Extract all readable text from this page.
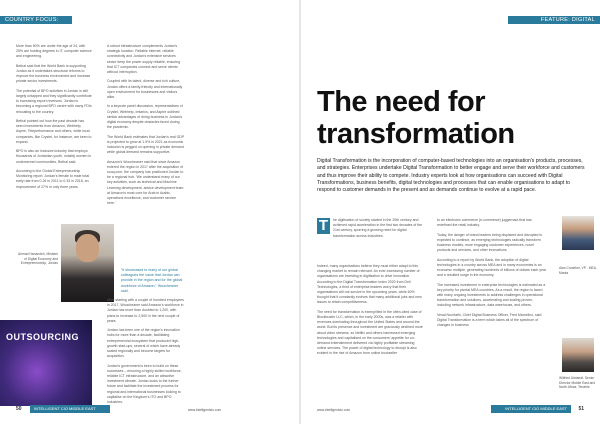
COUNTRY FOCUS: JORDAN

More than 50% are under the age of 24, with 25% are holding degrees in IT, computer science and engineering.

Bethal said that the World Bank is supporting Jordan as it undertakes structural reforms to improve the business environment and increase private sector investments.

The potential of BPO activities in Jordan is still largely untapped and they significantly contribute to increasing export revenues. Jordan is becoming a regional BPO centre with many FDIs relocating to the country.

Bethal pointed out how the past decade has seen investments from Amazon, Webhelp, Aspire, Teleperformance and others, while local companies, like Crystel, for instance, are keen to expand.

BPO is also an inclusive industry that employs thousands of Jordanian youth, notably women in underserved communities, Bethal said.

According to the Global Entrepreneurship Monitoring report, Jordan's female to male total early rate from 0.26 in 2011 to 0.33 in 2018, an improvement of 27% in only three years.

A robust infrastructure complements Jordan's strategic location. Reliable internet, reliable connectivity and Jordan's extensive services sector keep the power supply reliable, ensuring that ICT companies connect and serve clients without interruption.

Coupled with its talent, diverse and rich culture, Jordan offers a family-friendly and internationally open environment for businesses and visitors alike.

In a keynote panel discussion, representatives of Crystel, Webhelp, Imtarics, and Aspire outlined similar advantages of doing business in Jordan's digital economy despite obstacles faced during the pandemic.

The World Bank estimates that Jordan's real GDP is projected to grow at 1.9% in 2021 as economic inclusion is pegged on opening in private demand while global demand remains supportive.

Amazon's Woocheaner said that since Amazon entered the region in 2017 after the acquisition of souq.com, the company has positioned Jordan to be a regional hub. 'We understand many of our key activities, such as technical and Machine Learning development, advice development team at Amazon's most core for Arab in Arabic, operations excellence, and customer service here.'

Ahmad Hanandeh, Minister of Digital Economy and Entrepreneurship, Jordan
"It showcased to many of our global colleagues the value that Jordan can provide in the region and for the global workforce of Amazon," Woocheaner said.

After starting with a couple of hundred employees in 2017, Woocheaner said Amazon's workforce in Jordan has more than doubled to 1,200, with plans to increase to 2,500 in the next couple of years.

Jordan has been one of the region's innovation hubs for more than a decade, facilitating entrepreneurial ecosystem that produced high-growth start-ups, several of which have already scaled regionally and become targets for acquisition.

Jordan's government is keen to build on these successes – ensuring a highly skilled workforce, reliable ICT infrastructure, and an attractive investment climate. Jordan looks to the further future and facilitate the investment process for regional and international businesses looking to capitalise on the Kingdom's ITO and BPO industries.

OUTSOURCING
INTELLIGENT CIO MIDDLE EAST	www.intelligentcio.com
50
FEATURE: DIGITAL TRANSFORMATION
The need for
transformation
Digital Transformation is the incorporation of computer-based technologies into an organisation's products, processes, and strategies. Enterprises undertake Digital Transformation to better engage and serve their workforce and customers and thus improve their ability to compete. Industry experts look at how organisations can succeed with Digital Transformations, business benefits, digital technologies and processes that can enable organisations to adapt to respond to customer demands in the present and as demands continue to evolve at a rapid pace.
T	he digitisation of society started in the 20th century and achieved rapid acceleration in the first two decades of the 21st century, spurring a growing need for digital transformation across industries.

Indeed, many organisations believe they must either adapt to this changing market to remain relevant. An ever-increasing number of organisations are investing in digitisation to drive innovation. According to the Digital Transformation Index 2020 from Dell Technologies, a third of enterprise leaders worry that their organisations will not survive in the upcoming years, while 60% thought that it constantly evolves that many additional jobs and new issues to retain competitiveness.

The need for transformation is exemplified in the often-cited case of Blockbuster LLC, which, in the early 2000s, was a retailer with revenues dominating throughout the United States and around the world. But its presence and investment are graciously declined more about video streams, so Netflix and others harnessed emerging technologies and capitalised on the consumers' appetite for on-demand entertainment delivered via highly profitable streaming online services. The power of digital technology to disrupt is also evident in the rise of Amazon from online bookseller

to an electronic commerce (e-commerce) juggernaut that has redefined the retail industry.

Today, the danger of brand leaders being displaced and disrupted is expected to continue, as emerging technologies radically transform business models, more engaging customer experiences, novel products and services, and other innovations.

According to a report by World Bank, the adoption of digital technologies in a country across MEA and in many economies is an economic multiple, generating hundreds of billions of dollars each year and a resulted surge in the economy.

The increased investment in enterprise technologies is estimated as a key priority for pivotal MEA countries. As a result, the region is faced with many ongoing investments to address challenges in operational transformation and solutions, accelerating and scaling proven, including network infrastructure, data warehouse, and others.

Vesal Noorfathi, Chief Digital Business Officer, Fred Marcelino, said Digital Transformation is a term which takes all of the spectrum of changes in business

Alan Crowther, VP - MEA, Manta
Wilfried Ulstaedt, Senior Director Middle East and North Africa, Tenable
www.intelligentcio.com	INTELLIGENT CIO MIDDLE EAST	51
